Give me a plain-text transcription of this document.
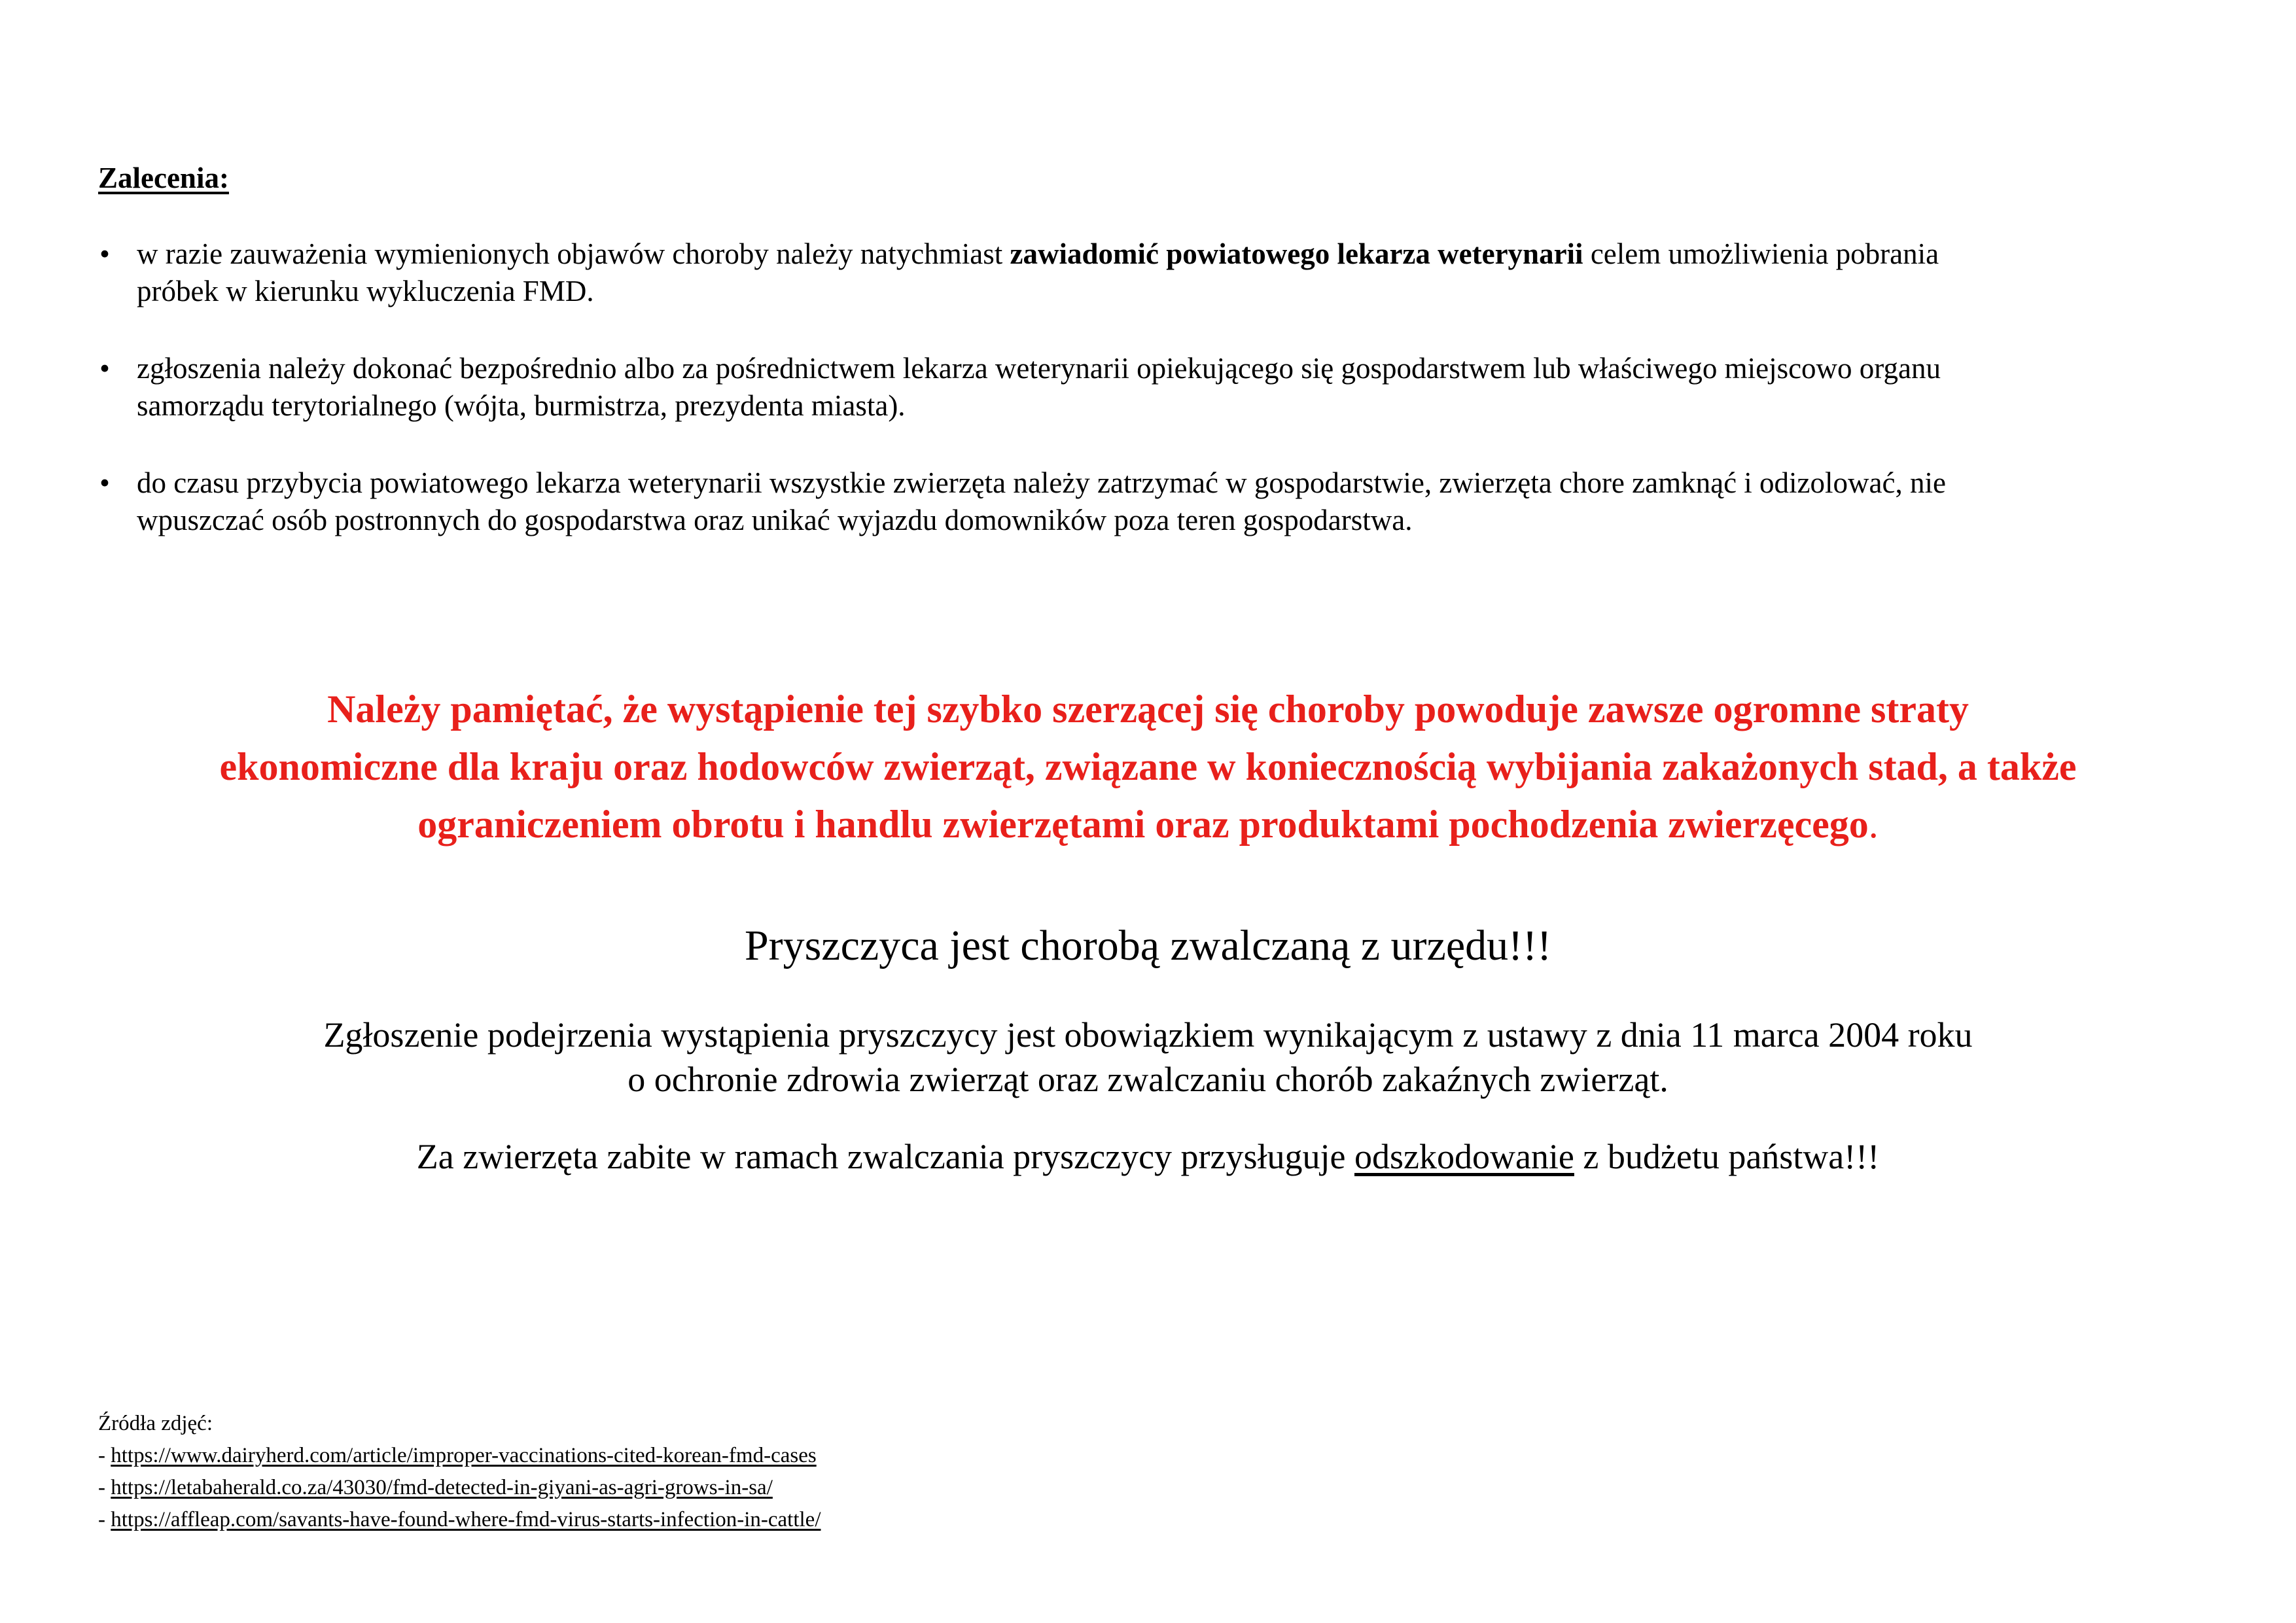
Zalecenia:
• w razie zauważenia wymienionych objawów choroby należy natychmiast zawiadomić powiatowego lekarza weterynarii celem umożliwienia pobrania
próbek w kierunku wykluczenia FMD.
• zgłoszenia należy dokonać bezpośrednio albo za pośrednictwem lekarza weterynarii opiekującego się gospodarstwem lub właściwego miejscowo organu
samorządu terytorialnego (wójta, burmistrza, prezydenta miasta).
• do czasu przybycia powiatowego lekarza weterynarii wszystkie zwierzęta należy zatrzymać w gospodarstwie, zwierzęta chore zamknąć i odizolować, nie
wpuszczać osób postronnych do gospodarstwa oraz unikać wyjazdu domowników poza teren gospodarstwa.

Należy pamiętać, że wystąpienie tej szybko szerzącej się choroby powoduje zawsze ogromne straty
ekonomiczne dla kraju oraz hodowców zwierząt, związane w koniecznością wybijania zakażonych stad, a także
ograniczeniem obrotu i handlu zwierzętami oraz produktami pochodzenia zwierzęcego.

Pryszczyca jest chorobą zwalczaną z urzędu!!!

Zgłoszenie podejrzenia wystąpienia pryszczycy jest obowiązkiem wynikającym z ustawy z dnia 11 marca 2004 roku
o ochronie zdrowia zwierząt oraz zwalczaniu chorób zakaźnych zwierząt.

Za zwierzęta zabite w ramach zwalczania pryszczycy przysługuje odszkodowanie z budżetu państwa!!!

Źródła zdjęć:
- https://www.dairyherd.com/article/improper-vaccinations-cited-korean-fmd-cases
- https://letabaherald.co.za/43030/fmd-detected-in-giyani-as-agri-grows-in-sa/
- https://affleap.com/savants-have-found-where-fmd-virus-starts-infection-in-cattle/
